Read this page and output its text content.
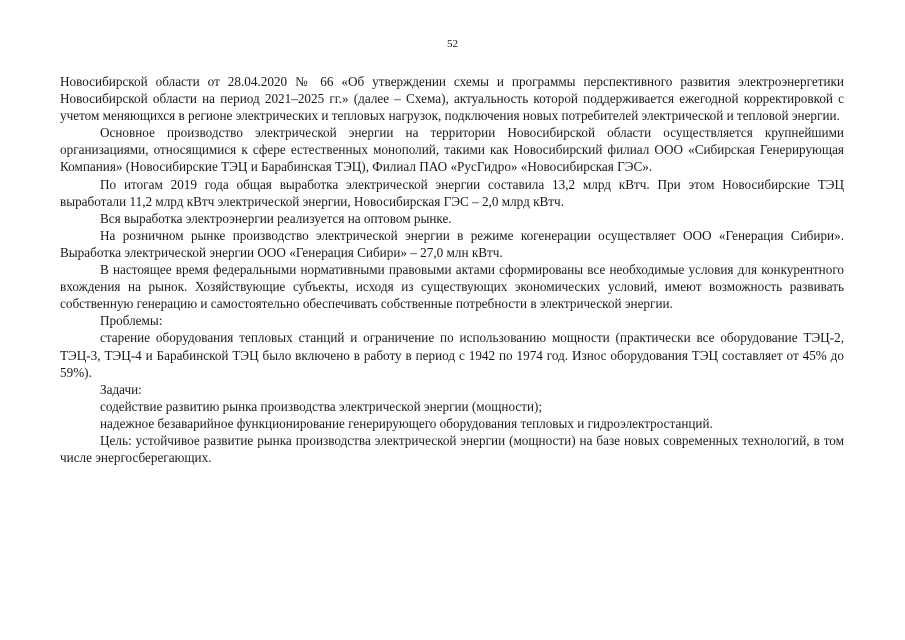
52

Новосибирской области от 28.04.2020 № 66 «Об утверждении схемы и программы перспективного развития электроэнергетики Новосибирской области на период 2021–2025 гг.» (далее – Схема), актуальность которой поддерживается ежегодной корректировкой с учетом меняющихся в регионе электрических и тепловых нагрузок, подключения новых потребителей электрической и тепловой энергии.

Основное производство электрической энергии на территории Новосибирской области осуществляется крупнейшими организациями, относящимися к сфере естественных монополий, такими как Новосибирский филиал ООО «Сибирская Генерирующая Компания» (Новосибирские ТЭЦ и Барабинская ТЭЦ), Филиал ПАО «РусГидро» «Новосибирская ГЭС».

По итогам 2019 года общая выработка электрической энергии составила 13,2 млрд кВтч. При этом Новосибирские ТЭЦ выработали 11,2 млрд кВтч электрической энергии, Новосибирская ГЭС – 2,0 млрд кВтч.

Вся выработка электроэнергии реализуется на оптовом рынке.

На розничном рынке производство электрической энергии в режиме когенерации осуществляет ООО «Генерация Сибири». Выработка электрической энергии ООО «Генерация Сибири» – 27,0 млн кВтч.

В настоящее время федеральными нормативными правовыми актами сформированы все необходимые условия для конкурентного вхождения на рынок. Хозяйствующие субъекты, исходя из существующих экономических условий, имеют возможность развивать собственную генерацию и самостоятельно обеспечивать собственные потребности в электрической энергии.

Проблемы:

старение оборудования тепловых станций и ограничение по использованию мощности (практически все оборудование ТЭЦ-2, ТЭЦ-3, ТЭЦ-4 и Барабинской ТЭЦ было включено в работу в период с 1942 по 1974 год. Износ оборудования ТЭЦ составляет от 45% до 59%).

Задачи:

содействие развитию рынка производства электрической энергии (мощности);

надежное безаварийное функционирование генерирующего оборудования тепловых и гидроэлектростанций.

Цель: устойчивое развитие рынка производства электрической энергии (мощности) на базе новых современных технологий, в том числе энергосберегающих.
